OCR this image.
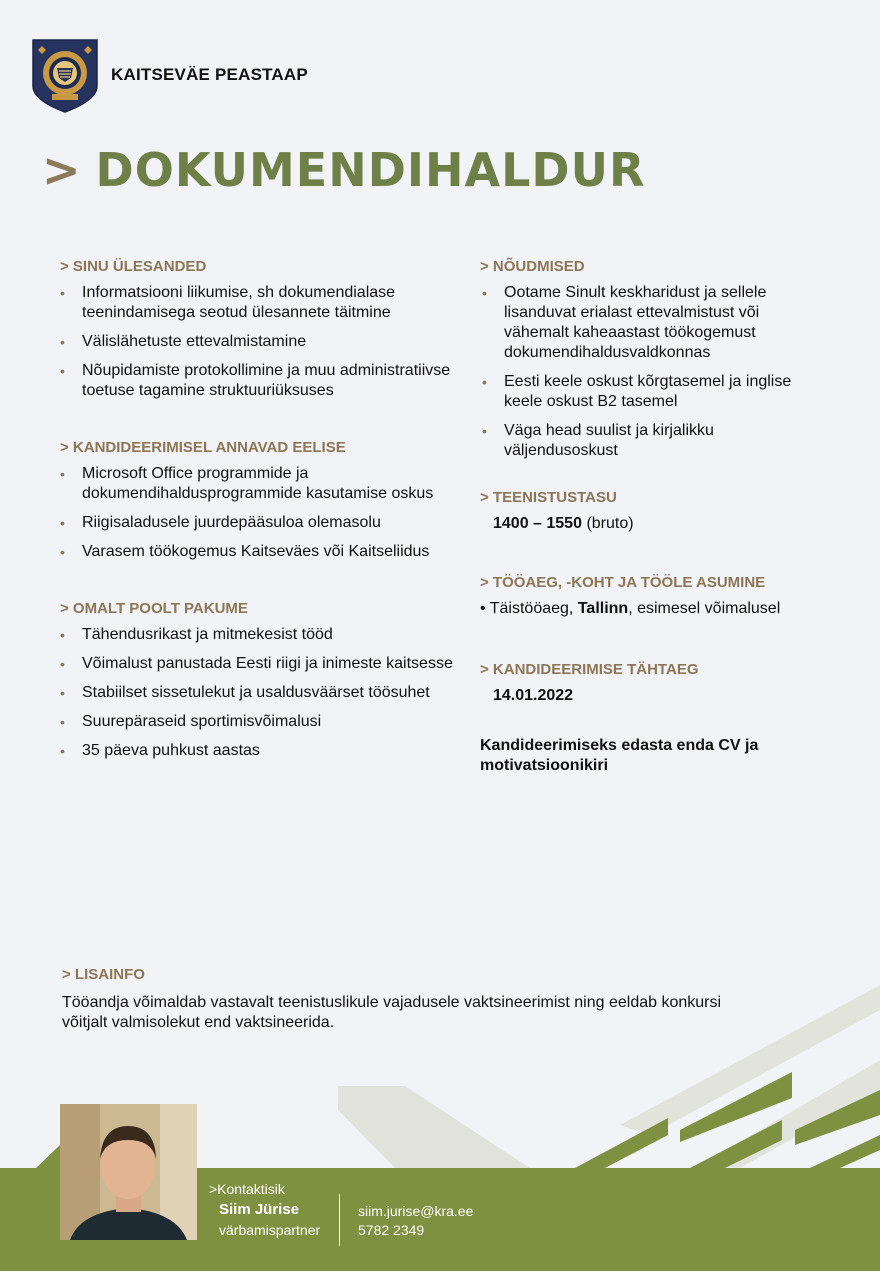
KAITSEVÄE PEASTAAP
> DOKUMENDIHALDUR
> SINU ÜLESANDED
• Informatsiooni liikumise, sh dokumendialase teenindamisega seotud ülesannete täitmine
• Välislähetuste ettevalmistamine
• Nõupidamiste protokollimine ja muu administratiivse toetuse tagamine struktuuriüksuses
> KANDIDEERIMISEL ANNAVAD EELISE
• Microsoft Office programmide ja dokumendihaldusprogrammide kasutamise oskus
• Riigisaladusele juurdepääsuloa olemasolu
• Varasem töökogemus Kaitseväes või Kaitseliidus
> OMALT POOLT PAKUME
• Tähendusrikast ja mitmekesist tööd
• Võimalust panustada Eesti riigi ja inimeste kaitsesse
• Stabiilset sissetulekut ja usaldusväärset töösuhet
• Suurepäraseid sportimisvõimalusi
• 35 päeva puhkust aastas
> NÕUDMISED
• Ootame Sinult keskharidust ja sellele lisanduvat erialast ettevalmistust või vähemalt kaheaastast töökogemust dokumendihaldusvaldkonnas
• Eesti keele oskust kõrgtasemel ja inglise keele oskust B2 tasemel
• Väga head suulist ja kirjalikku väljendusoskust
> TEENISTUSTASU
1400 – 1550 (bruto)
> TÖÖAEG, -KOHT JA TÖÖLE ASUMINE
• Täistööaeg, Tallinn, esimesel võimalusel
> KANDIDEERIMISE TÄHTAEG
14.01.2022
Kandideerimiseks edasta enda CV ja motivatsioonikiri
> LISAINFO
Tööandja võimaldab vastavalt teenistuslikule vajadusele vaktsineerimist ning eeldab konkursi võitjalt valmisolekut end vaktsineerida.
>Kontaktisik
Siim Jürise
värbamispartner
siim.jurise@kra.ee
5782 2349
